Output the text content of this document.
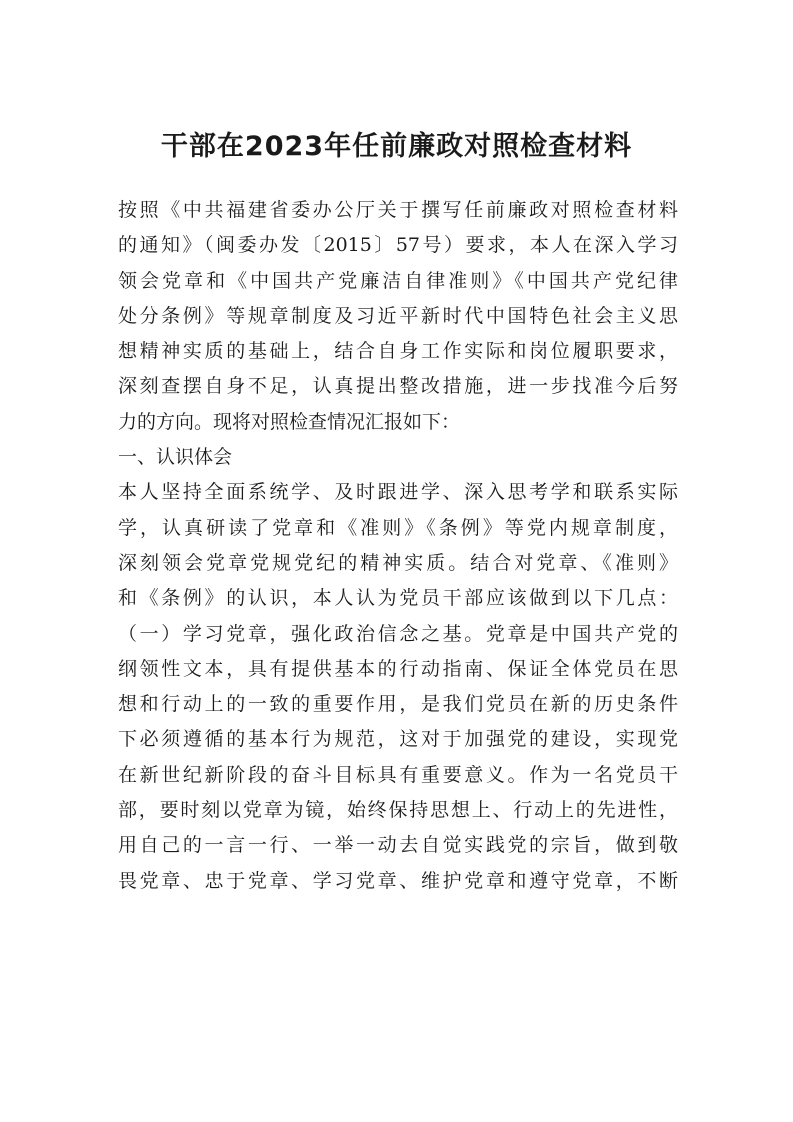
干部在2023年任前廉政对照检查材料
按照《中共福建省委办公厅关于撰写任前廉政对照检查材料
的通知》（闽委办发〔2015〕57号）要求，本人在深入学习
领会党章和《中国共产党廉洁自律准则》《中国共产党纪律
处分条例》等规章制度及习近平新时代中国特色社会主义思
想精神实质的基础上，结合自身工作实际和岗位履职要求，
深刻查摆自身不足，认真提出整改措施，进一步找准今后努
力的方向。现将对照检查情况汇报如下：
一、认识体会
本人坚持全面系统学、及时跟进学、深入思考学和联系实际
学，认真研读了党章和《准则》《条例》等党内规章制度，
深刻领会党章党规党纪的精神实质。结合对党章、《准则》
和《条例》的认识，本人认为党员干部应该做到以下几点：
（一）学习党章，强化政治信念之基。党章是中国共产党的
纲领性文本，具有提供基本的行动指南、保证全体党员在思
想和行动上的一致的重要作用，是我们党员在新的历史条件
下必须遵循的基本行为规范，这对于加强党的建设，实现党
在新世纪新阶段的奋斗目标具有重要意义。作为一名党员干
部，要时刻以党章为镜，始终保持思想上、行动上的先进性，
用自己的一言一行、一举一动去自觉实践党的宗旨，做到敬
畏党章、忠于党章、学习党章、维护党章和遵守党章，不断
